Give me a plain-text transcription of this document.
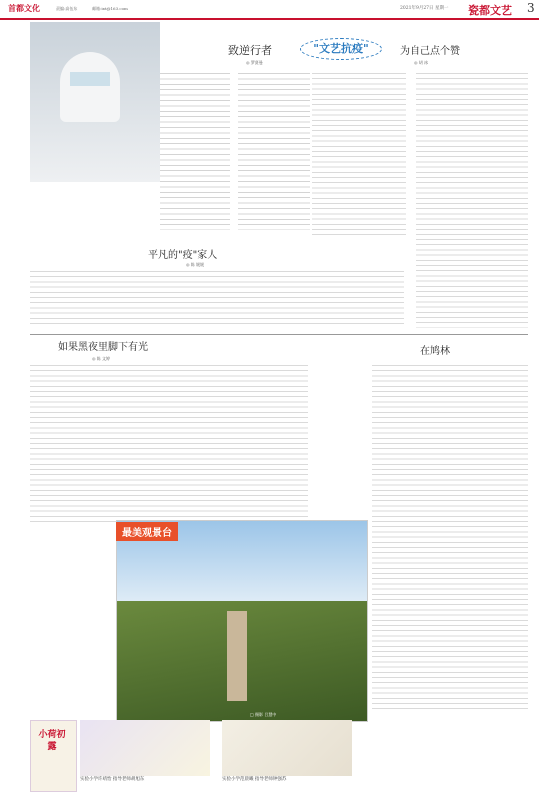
首都文化	责编:高伍东	邮箱:ixt@163.com	2021年9月27日 星期一 瓷都文艺 3
致逆行者
◎ 罗贤曼
"文艺抗疫"	为自己点个赞
◎ 胡 冰
平凡的"疫"家人
◎ 陈 媛媛
如果黑夜里脚下有光
◎ 陈 文婷
在鸠林
最美观景台
□ 摄影 吕慧中
小荷初露
实验小学许靖怡 指导老师胡旭东	实验小学范晨曦 指导老师钟强苏
